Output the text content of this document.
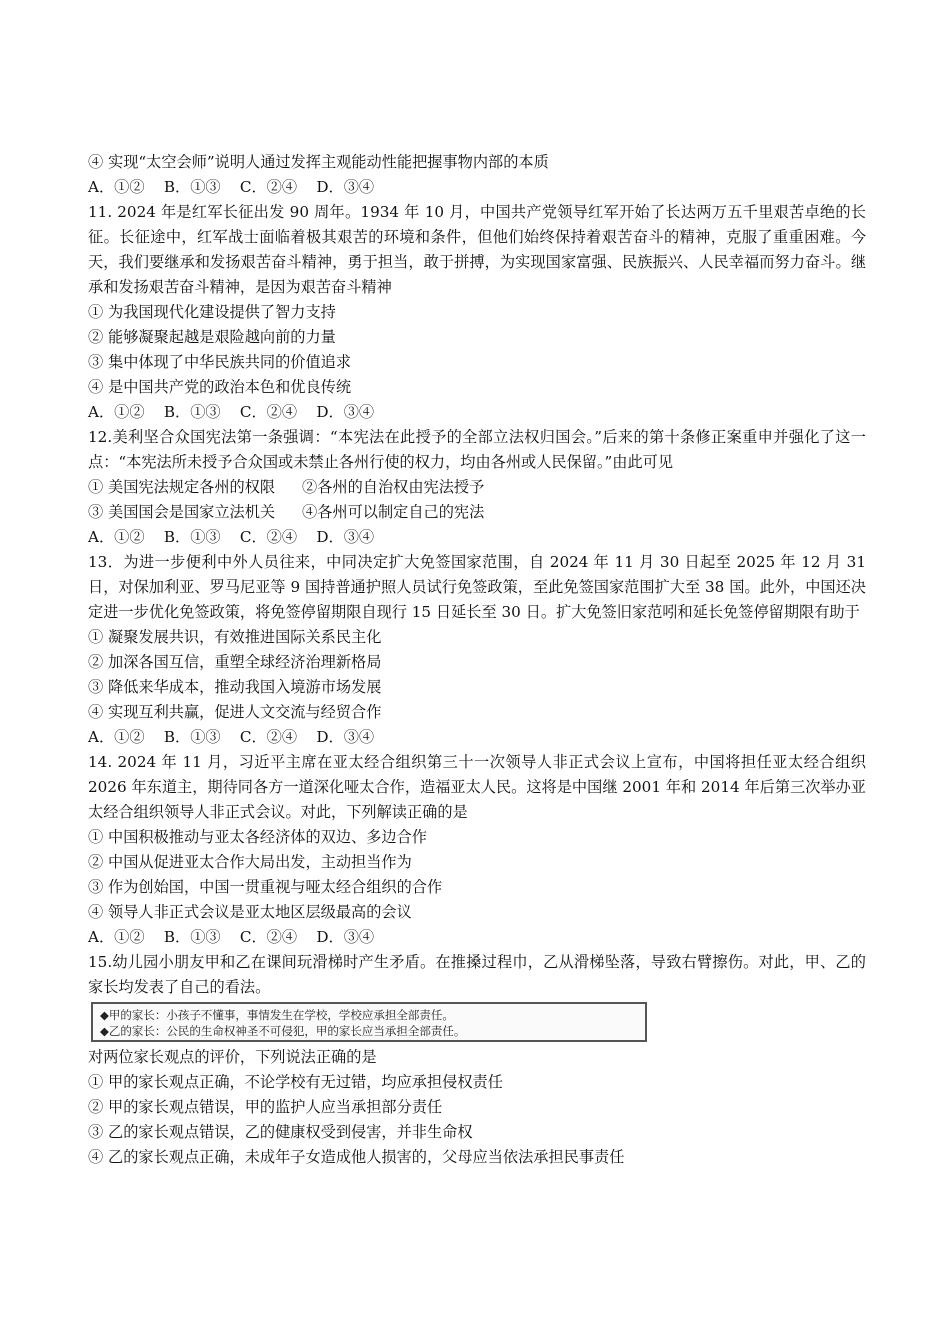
④ 实现“太空会师”说明人通过发挥主观能动性能把握事物内部的本质
A．①②    B．①③    C．②④    D．③④
11. 2024 年是红军长征出发 90 周年。1934 年 10 月，中国共产党领导红军开始了长达两万五千里艰苦卓绝的长征。长征途中，红军战士面临着极其艰苦的环境和条件，但他们始终保持着艰苦奋斗的精神，克服了重重困难。今天，我们要继承和发扬艰苦奋斗精神，勇于担当，敢于拼搏，为实现国家富强、民族振兴、人民幸福而努力奋斗。继承和发扬艰苦奋斗精神，是因为艰苦奋斗精神
① 为我国现代化建设提供了智力支持
② 能够凝聚起越是艰险越向前的力量
③ 集中体现了中华民族共同的价值追求
④ 是中国共产党的政治本色和优良传统
A．①②    B．①③    C．②④    D．③④
12.美利坚合众国宪法第一条强调：“本宪法在此授予的全部立法权归国会。”后来的第十条修正案重申并强化了这一点：“本宪法所未授予合众国或未禁止各州行使的权力，均由各州或人民保留。”由此可见
① 美国宪法规定各州的权限	②各州的自治权由宪法授予
③ 美国国会是国家立法机关	④各州可以制定自己的宪法
A．①②    B．①③    C．②④    D．③④
13．为进一步便利中外人员往来，中同决定扩大免签国家范围，自 2024 年 11 月 30 日起至 2025 年 12 月 31 日，对保加利亚、罗马尼亚等 9 国持普通护照人员试行免签政策，至此免签国家范围扩大至 38 国。此外，中国还决定进一步优化免签政策，将免签停留期限自现行 15 日延长至 30 日。扩大免签旧家范吲和延长免签停留期限有助于
① 凝聚发展共识，有效推进国际关系民主化
② 加深各国互信，重塑全球经济治理新格局
③ 降低来华成本，推动我国入境游市场发展
④ 实现互利共赢，促进人文交流与经贸合作
A．①②    B．①③    C．②④    D．③④
14. 2024 年 11 月，习近平主席在亚太经合组织第三十一次领导人非正式会议上宣布，中国将担任亚太经合组织 2026 年东道主，期待同各方一道深化哑太合作，造福亚太人民。这将是中国继 2001 年和 2014 年后第三次举办亚太经合组织领导人非正式会议。对此，下列解读正确的是
① 中国积极推动与亚太各经济体的双边、多边合作
② 中国从促进亚太合作大局出发，主动担当作为
③ 作为创始国，中国一贯重视与哑太经合组织的合作
④ 领导人非正式会议是亚太地区层级最高的会议
A．①②    B．①③    C．②④    D．③④
15.幼儿园小朋友甲和乙在课间玩滑梯时产生矛盾。在推搡过程巾，乙从滑梯坠落，导致右臂擦伤。对此，甲、乙的家长均发表了自己的看法。
◆甲的家长：小孩子不懂事，事情发生在学校，学校应承担全部责任。
◆乙的家长：公民的生命权神圣不可侵犯，甲的家长应当承担全部责任。
对两位家长观点的评价，下列说法正确的是
① 甲的家长观点正确，不论学校有无过错，均应承担侵权责任
② 甲的家长观点错误，甲的监护人应当承担部分责任
③ 乙的家长观点错误，乙的健康权受到侵害，并非生命权
④ 乙的家长观点正确，未成年子女造成他人损害的，父母应当依法承担民事责任
